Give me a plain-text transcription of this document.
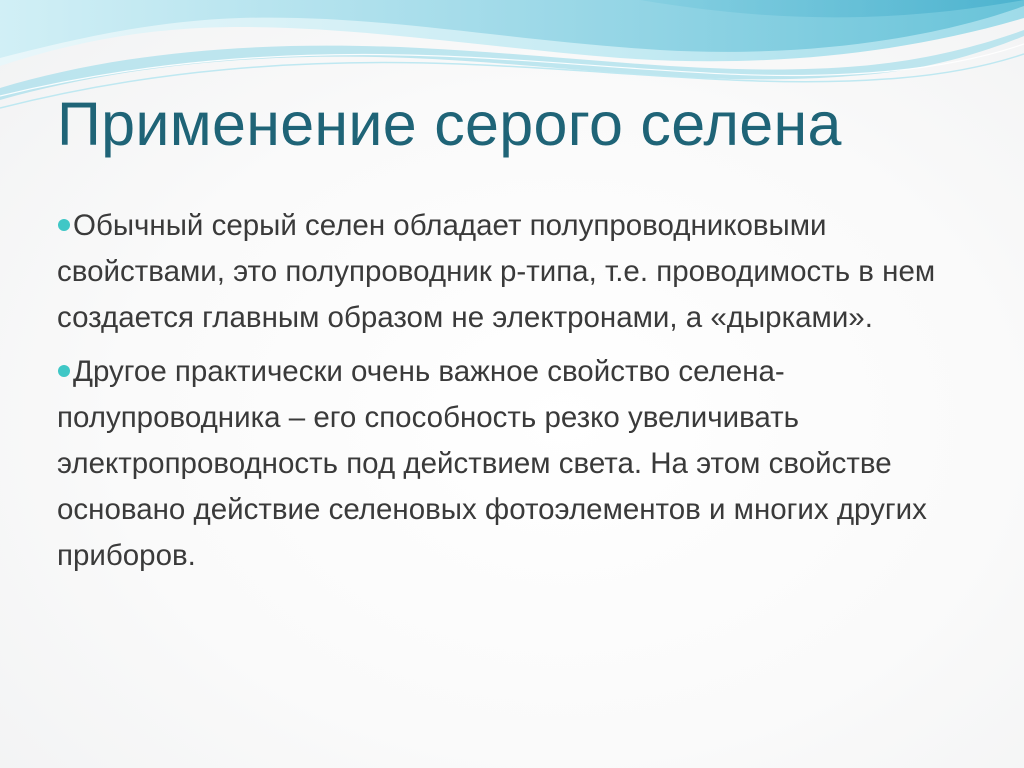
Применение серого селена
Обычный серый селен обладает полупроводниковыми свойствами, это полупроводник р-типа, т.е. проводимость в нем создается главным образом не электронами, а «дырками».
Другое практически очень важное свойство селена- полупроводника – его способность резко увеличивать электропроводность под действием света. На этом свойстве основано действие селеновых фотоэлементов и многих других приборов.
